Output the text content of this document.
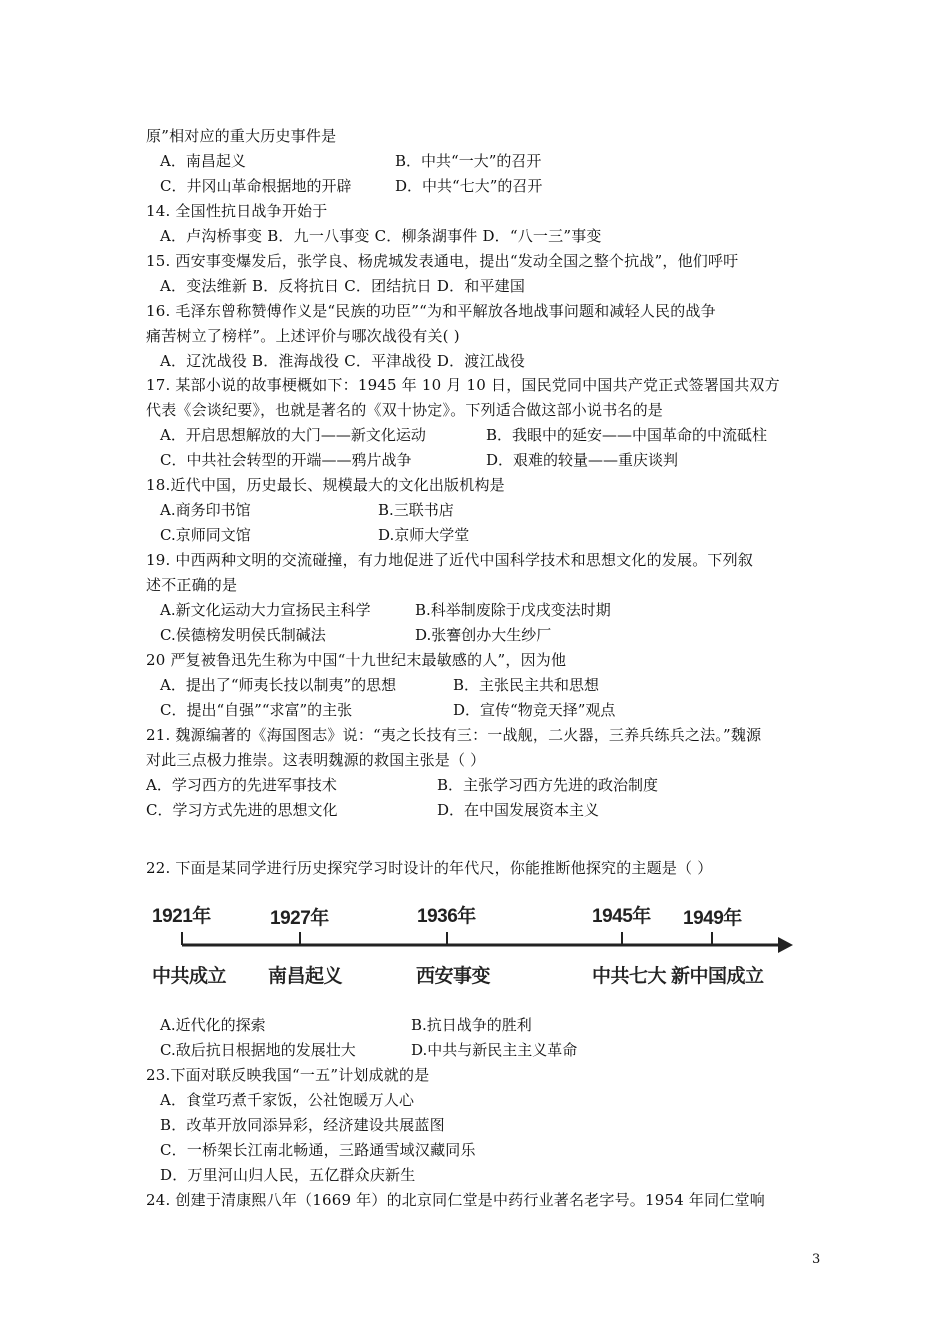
原”相对应的重大历史事件是
A．南昌起义	B．中共“一大”的召开
C．井冈山革命根据地的开辟	D．中共“七大”的召开
14. 全国性抗日战争开始于
A．卢沟桥事变 B．九一八事变 C．柳条湖事件 D．“八一三”事变
15. 西安事变爆发后，张学良、杨虎城发表通电，提出“发动全国之整个抗战”，他们呼吁
A．变法维新 B．反将抗日 C．团结抗日 D．和平建国
16. 毛泽东曾称赞傅作义是“民族的功臣”“为和平解放各地战事问题和减轻人民的战争
痛苦树立了榜样”。上述评价与哪次战役有关( )
A．辽沈战役 B．淮海战役 C．平津战役 D．渡江战役
17. 某部小说的故事梗概如下：1945 年 10 月 10 日，国民党同中国共产党正式签署国共双方
代表《会谈纪要》，也就是著名的《双十协定》。下列适合做这部小说书名的是
A．开启思想解放的大门——新文化运动	B．我眼中的延安——中国革命的中流砥柱
C．中共社会转型的开端——鸦片战争	D．艰难的较量——重庆谈判
18.近代中国，历史最长、规模最大的文化出版机构是
A.商务印书馆	B.三联书店
C.京师同文馆	D.京师大学堂
19. 中西两种文明的交流碰撞，有力地促进了近代中国科学技术和思想文化的发展。下列叙
述不正确的是
A.新文化运动大力宣扬民主科学	B.科举制废除于戊戌变法时期
C.侯德榜发明侯氏制碱法	D.张謇创办大生纱厂
20 严复被鲁迅先生称为中国“十九世纪末最敏感的人”，因为他
A．提出了“师夷长技以制夷”的思想	B．主张民主共和思想
C．提出“自强”“求富”的主张	D．宣传“物竞天择”观点
21. 魏源编著的《海国图志》说：“夷之长技有三：一战舰，二火器，三养兵练兵之法。”魏源
对此三点极力推崇。这表明魏源的救国主张是（ ）
A．学习西方的先进军事技术	B．主张学习西方先进的政治制度
C．学习方式先进的思想文化	D．在中国发展资本主义
22. 下面是某同学进行历史探究学习时设计的年代尺，你能推断他探究的主题是（ ）
1921年	1927年	1936年	1945年 1949年
中共成立 南昌起义	西安事变	中共七大 新中国成立
A.近代化的探索	B.抗日战争的胜利
C.敌后抗日根据地的发展壮大	D.中共与新民主主义革命
23.下面对联反映我国“一五”计划成就的是
A．食堂巧煮千家饭，公社饱暖万人心
B．改革开放同添异彩，经济建设共展蓝图
C．一桥架长江南北畅通，三路通雪域汉藏同乐
D．万里河山归人民，五亿群众庆新生
24. 创建于清康熙八年（1669 年）的北京同仁堂是中药行业著名老字号。1954 年同仁堂响
3
